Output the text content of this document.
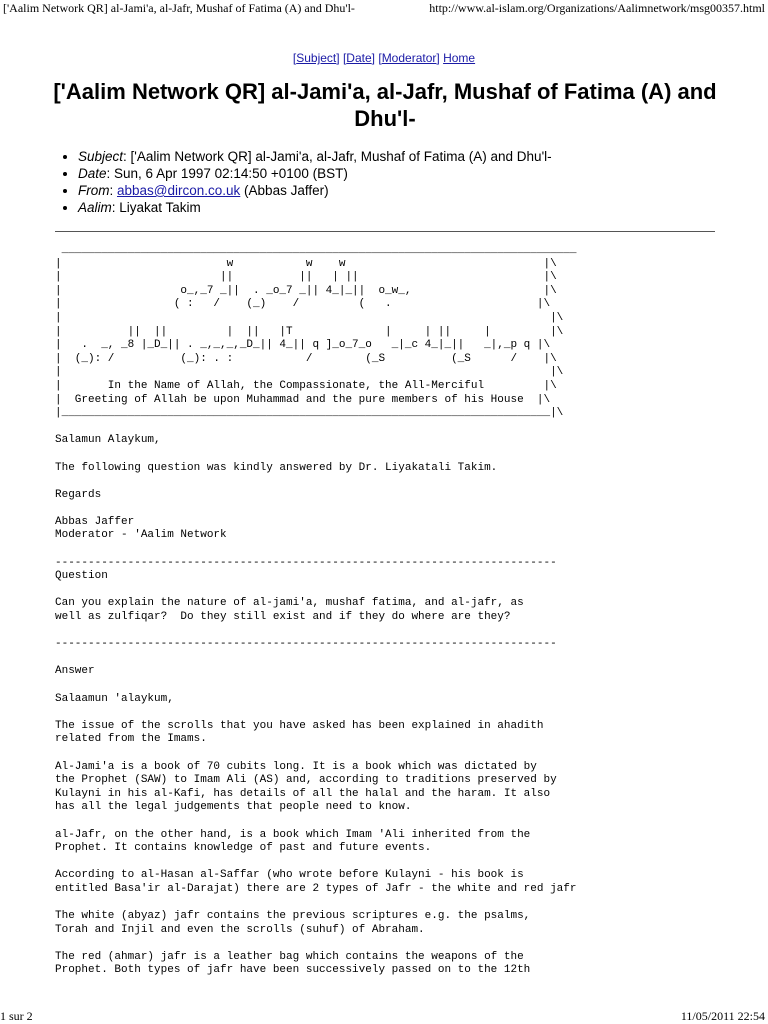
['Aalim Network QR] al-Jami'a, al-Jafr, Mushaf of Fatima (A) and Dhu'l-	http://www.al-islam.org/Organizations/Aalimnetwork/msg00357.html
[Subject] [Date] [Moderator] Home
['Aalim Network QR] al-Jami'a, al-Jafr, Mushaf of Fatima (A) and Dhu'l-
• Subject: ['Aalim Network QR] al-Jami'a, al-Jafr, Mushaf of Fatima (A) and Dhu'l-
• Date: Sun, 6 Apr 1997 02:14:50 +0100 (BST)
• From: abbas@dircon.co.uk (Abbas Jaffer)
• Aalim: Liyakat Takim
______________________________________________________________________________
|                         w           w    w                              |\
|                        ||          ||   | ||                            |\
|                  o_,_7 _||  . _o_7 _|| 4_|_||  o_w_,                    |\
|                 ( :   /    (_)    /         (   .                      |\
|                                                                          |\
|          ||  ||         |  ||   |T              |     | ||     |         |\
|   .  _, _8 |_D_|| . _,_,_,_D_|| 4_|| q ]_o_7_o   _|_c 4_|_||   _|,_p q |\
|  (_): /          (_): . :           /        (_S          (_S      /    |\
|                                                                          |\
|       In the Name of Allah, the Compassionate, the All-Merciful         |\
|  Greeting of Allah be upon Muhammad and the pure members of his House  |\
|__________________________________________________________________________|\

Salamun Alaykum,

The following question was kindly answered by Dr. Liyakatali Takim.

Regards

Abbas Jaffer
Moderator - 'Aalim Network

----------------------------------------------------------------------------
Question

Can you explain the nature of al-jami'a, mushaf fatima, and al-jafr, as
well as zulfiqar?  Do they still exist and if they do where are they?

----------------------------------------------------------------------------

Answer

Salaamun 'alaykum,

The issue of the scrolls that you have asked has been explained in ahadith
related from the Imams.

Al-Jami'a is a book of 70 cubits long. It is a book which was dictated by
the Prophet (SAW) to Imam Ali (AS) and, according to traditions preserved by
Kulayni in his al-Kafi, has details of all the halal and the haram. It also
has all the legal judgements that people need to know.

al-Jafr, on the other hand, is a book which Imam 'Ali inherited from the
Prophet. It contains knowledge of past and future events.

According to al-Hasan al-Saffar (who wrote before Kulayni - his book is
entitled Basa'ir al-Darajat) there are 2 types of Jafr - the white and red jafr

The white (abyaz) jafr contains the previous scriptures e.g. the psalms,
Torah and Injil and even the scrolls (suhuf) of Abraham.

The red (ahmar) jafr is a leather bag which contains the weapons of the
Prophet. Both types of jafr have been successively passed on to the 12th
1 sur 2	11/05/2011 22:54
